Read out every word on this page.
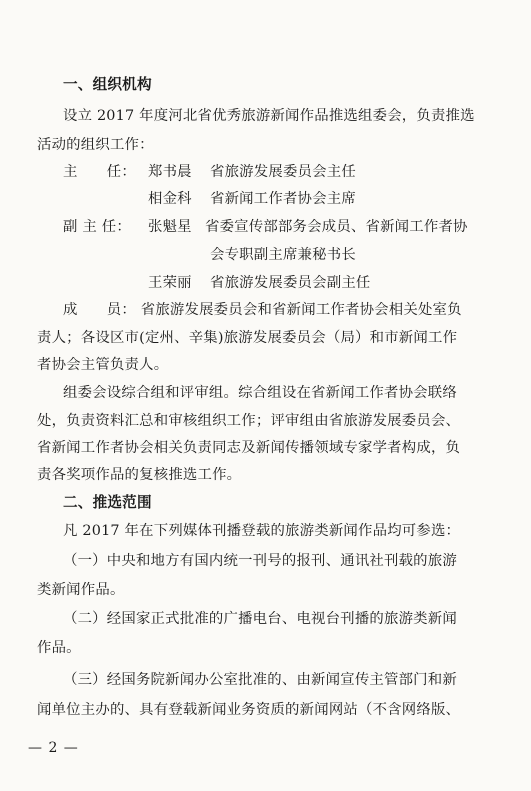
一、组织机构
设立 2017 年度河北省优秀旅游新闻作品推选组委会，负责推选
活动的组织工作：
主　　任： 郑书晨 省旅游发展委员会主任
相金科 省新闻工作者协会主席
副 主 任： 张魁星 省委宣传部部务会成员、省新闻工作者协
会专职副主席兼秘书长
王荣丽 省旅游发展委员会副主任
成　　员： 省旅游发展委员会和省新闻工作者协会相关处室负
责人；各设区市(定州、辛集)旅游发展委员会（局）和市新闻工作
者协会主管负责人。
组委会设综合组和评审组。综合组设在省新闻工作者协会联络
处，负责资料汇总和审核组织工作；评审组由省旅游发展委员会、
省新闻工作者协会相关负责同志及新闻传播领域专家学者构成，负
责各奖项作品的复核推选工作。
二、推选范围
凡 2017 年在下列媒体刊播登载的旅游类新闻作品均可参选：
（一）中央和地方有国内统一刊号的报刊、通讯社刊载的旅游
类新闻作品。
（二）经国家正式批准的广播电台、电视台刊播的旅游类新闻
作品。
（三）经国务院新闻办公室批准的、由新闻宣传主管部门和新
闻单位主办的、具有登载新闻业务资质的新闻网站（不含网络版、
— 2 —
